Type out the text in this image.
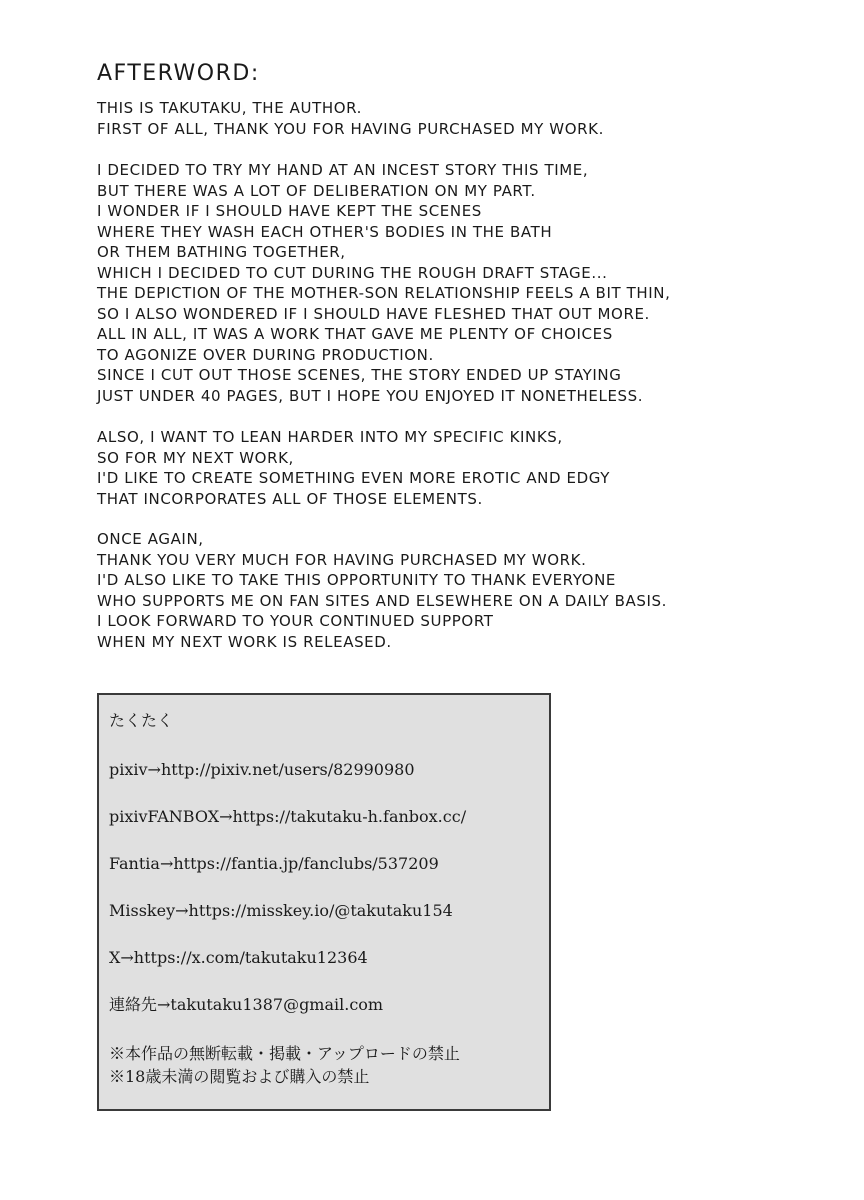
AFTERWORD:
THIS IS TAKUTAKU, THE AUTHOR.
FIRST OF ALL, THANK YOU FOR HAVING PURCHASED MY WORK.
I DECIDED TO TRY MY HAND AT AN INCEST STORY THIS TIME,
BUT THERE WAS A LOT OF DELIBERATION ON MY PART.
I WONDER IF I SHOULD HAVE KEPT THE SCENES
WHERE THEY WASH EACH OTHER'S BODIES IN THE BATH
OR THEM BATHING TOGETHER,
WHICH I DECIDED TO CUT DURING THE ROUGH DRAFT STAGE...
THE DEPICTION OF THE MOTHER-SON RELATIONSHIP FEELS A BIT THIN,
SO I ALSO WONDERED IF I SHOULD HAVE FLESHED THAT OUT MORE.
ALL IN ALL, IT WAS A WORK THAT GAVE ME PLENTY OF CHOICES
TO AGONIZE OVER DURING PRODUCTION.
SINCE I CUT OUT THOSE SCENES, THE STORY ENDED UP STAYING
JUST UNDER 40 PAGES, BUT I HOPE YOU ENJOYED IT NONETHELESS.
ALSO, I WANT TO LEAN HARDER INTO MY SPECIFIC KINKS,
SO FOR MY NEXT WORK,
I'D LIKE TO CREATE SOMETHING EVEN MORE EROTIC AND EDGY
THAT INCORPORATES ALL OF THOSE ELEMENTS.
ONCE AGAIN,
THANK YOU VERY MUCH FOR HAVING PURCHASED MY WORK.
I'D ALSO LIKE TO TAKE THIS OPPORTUNITY TO THANK EVERYONE
WHO SUPPORTS ME ON FAN SITES AND ELSEWHERE ON A DAILY BASIS.
I LOOK FORWARD TO YOUR CONTINUED SUPPORT
WHEN MY NEXT WORK IS RELEASED.
たくたく
pixiv→http://pixiv.net/users/82990980
pixivFANBOX→https://takutaku-h.fanbox.cc/
Fantia→https://fantia.jp/fanclubs/537209
Misskey→https://misskey.io/@takutaku154
X→https://x.com/takutaku12364
連絡先→takutaku1387@gmail.com
※本作品の無断転載・掲載・アップロードの禁止
※18歳未満の閲覧および購入の禁止
